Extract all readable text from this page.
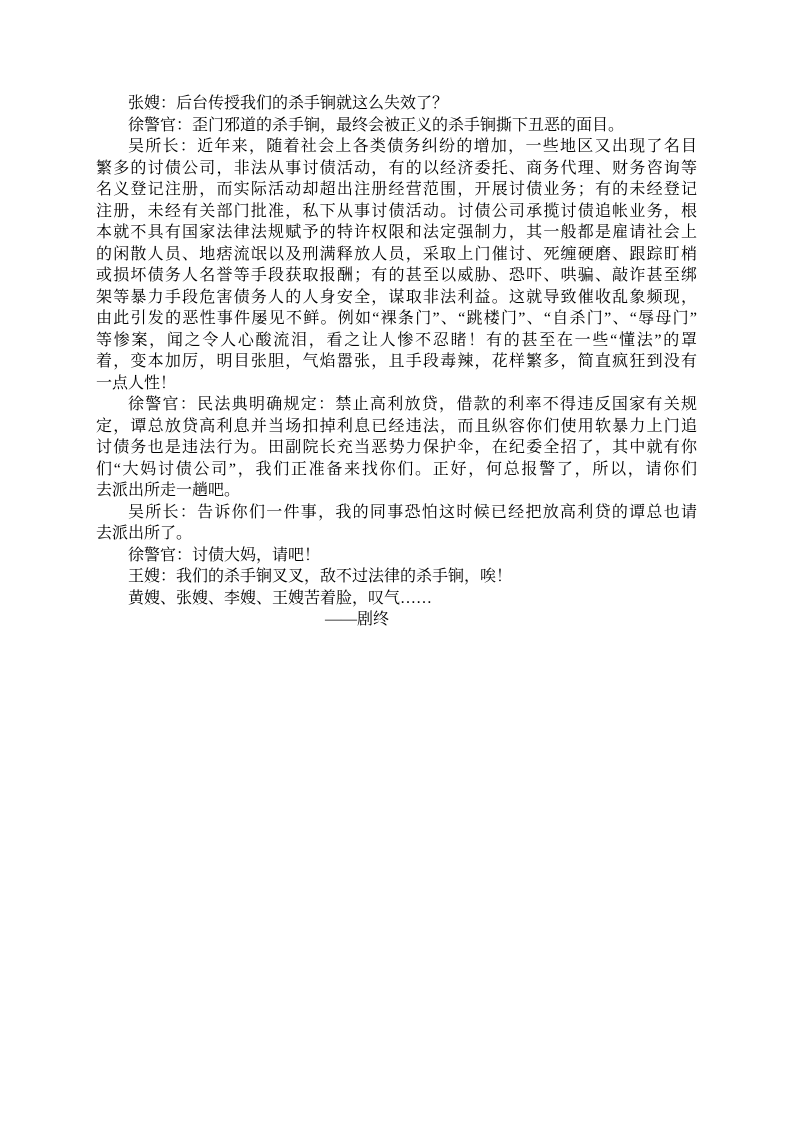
张嫂：后台传授我们的杀手锏就这么失效了？
徐警官：歪门邪道的杀手锏，最终会被正义的杀手锏撕下丑恶的面目。
吴所长：近年来，随着社会上各类债务纠纷的增加，一些地区又出现了名目
繁多的讨债公司，非法从事讨债活动，有的以经济委托、商务代理、财务咨询等
名义登记注册，而实际活动却超出注册经营范围，开展讨债业务；有的未经登记
注册，未经有关部门批准，私下从事讨债活动。讨债公司承揽讨债追帐业务，根
本就不具有国家法律法规赋予的特许权限和法定强制力，其一般都是雇请社会上
的闲散人员、地痞流氓以及刑满释放人员，采取上门催讨、死缠硬磨、跟踪盯梢
或损坏债务人名誉等手段获取报酬；有的甚至以威胁、恐吓、哄骗、敲诈甚至绑
架等暴力手段危害债务人的人身安全，谋取非法利益。这就导致催收乱象频现，
由此引发的恶性事件屡见不鲜。例如“裸条门”、“跳楼门”、“自杀门”、“辱母门”
等惨案，闻之令人心酸流泪，看之让人惨不忍睹！有的甚至在一些“懂法”的罩
着，变本加厉，明目张胆，气焰嚣张，且手段毒辣，花样繁多，简直疯狂到没有
一点人性！
徐警官：民法典明确规定：禁止高利放贷，借款的利率不得违反国家有关规
定，谭总放贷高利息并当场扣掉利息已经违法，而且纵容你们使用软暴力上门追
讨债务也是违法行为。田副院长充当恶势力保护伞，在纪委全招了，其中就有你
们“大妈讨债公司”，我们正准备来找你们。正好，何总报警了，所以，请你们
去派出所走一趟吧。
吴所长：告诉你们一件事，我的同事恐怕这时候已经把放高利贷的谭总也请
去派出所了。
徐警官：讨债大妈，请吧！
王嫂：我们的杀手锏叉叉，敌不过法律的杀手锏，唉！
黄嫂、张嫂、李嫂、王嫂苦着脸，叹气……
——剧终
